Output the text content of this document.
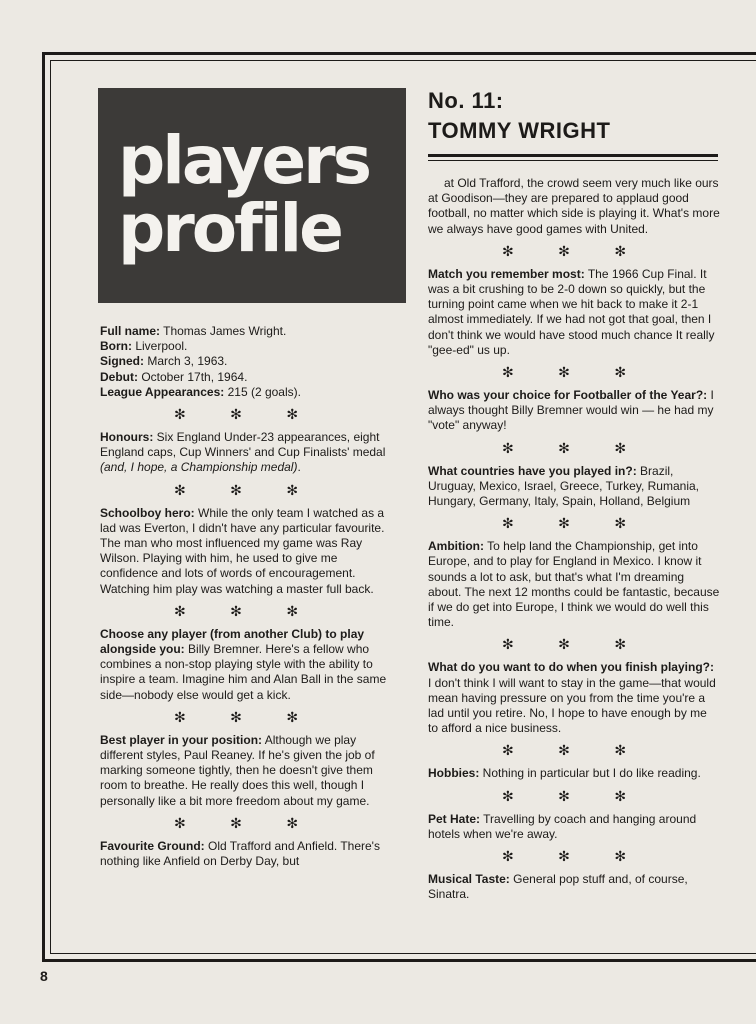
players
profile
No. 11:
TOMMY WRIGHT

Full name: Thomas James Wright.

Born: Liverpool.

Signed: March 3, 1963.

Debut: October 17th, 1964.

League Appearances: 215 (2 goals).

✻ ✻ ✻

Honours: Six England Under-23 appearances, eight England caps, Cup Winners' and Cup Finalists' medal (and, I hope, a Championship medal).

✻ ✻ ✻

Schoolboy hero: While the only team I watched as a lad was Everton, I didn't have any particular favourite. The man who most influenced my game was Ray Wilson. Playing with him, he used to give me confidence and lots of words of encouragement. Watching him play was watching a master full back.

✻ ✻ ✻

Choose any player (from another Club) to play alongside you: Billy Bremner. Here's a fellow who combines a non-stop playing style with the ability to inspire a team. Imagine him and Alan Ball in the same side—nobody else would get a kick.

✻ ✻ ✻

Best player in your position: Although we play different styles, Paul Reaney. If he's given the job of marking someone tightly, then he doesn't give them room to breathe. He really does this well, though I personally like a bit more freedom about my game.

✻ ✻ ✻

Favourite Ground: Old Trafford and Anfield. There's nothing like Anfield on Derby Day, but

at Old Trafford, the crowd seem very much like ours at Goodison—they are prepared to applaud good football, no matter which side is playing it. What's more we always have good games with United.

✻ ✻ ✻

Match you remember most: The 1966 Cup Final. It was a bit crushing to be 2-0 down so quickly, but the turning point came when we hit back to make it 2-1 almost immediately. If we had not got that goal, then I don't think we would have stood much chance It really "gee-ed" us up.

✻ ✻ ✻

Who was your choice for Footballer of the Year?: I always thought Billy Bremner would win — he had my "vote" anyway!

✻ ✻ ✻

What countries have you played in?: Brazil, Uruguay, Mexico, Israel, Greece, Turkey, Rumania, Hungary, Germany, Italy, Spain, Holland, Belgium

✻ ✻ ✻

Ambition: To help land the Championship, get into Europe, and to play for England in Mexico. I know it sounds a lot to ask, but that's what I'm dreaming about. The next 12 months could be fantastic, because if we do get into Europe, I think we would do well this time.

✻ ✻ ✻

What do you want to do when you finish playing?: I don't think I will want to stay in the game—that would mean having pressure on you from the time you're a lad until you retire. No, I hope to have enough by me to afford a nice business.

✻ ✻ ✻

Hobbies: Nothing in particular but I do like reading.

✻ ✻ ✻

Pet Hate: Travelling by coach and hanging around hotels when we're away.

✻ ✻ ✻

Musical Taste: General pop stuff and, of course, Sinatra.

8
